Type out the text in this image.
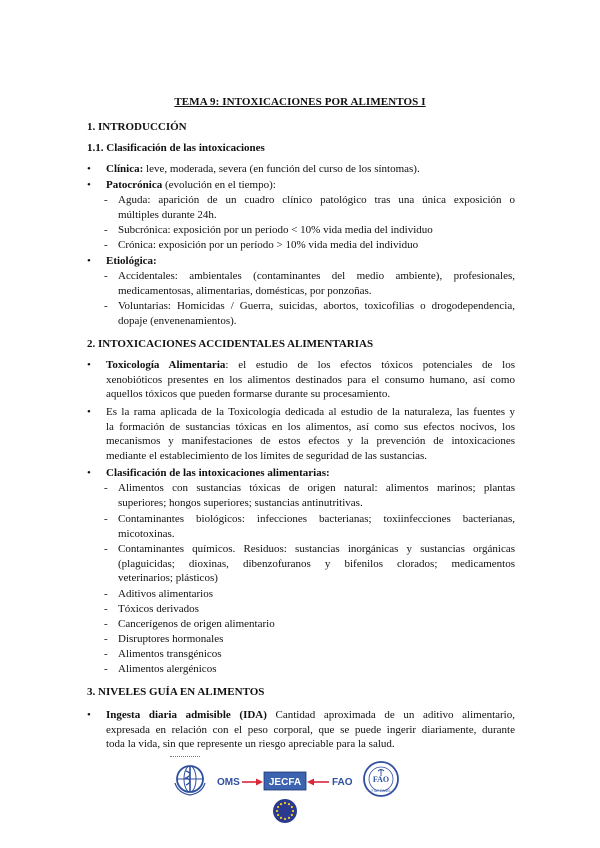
TEMA 9: INTOXICACIONES POR ALIMENTOS I
1. INTRODUCCIÓN
1.1. Clasificación de las intoxicaciones
•	Clínica: leve, moderada, severa (en función del curso de los síntomas).
•	Patocrónica (evolución en el tiempo):
- Aguda: aparición de un cuadro clínico patológico tras una única exposición o
múltiples durante 24h.
- Subcrónica: exposición por un período < 10% vida media del individuo
- Crónica: exposición por un período > 10% vida media del individuo
•	Etiológica:
- Accidentales: ambientales (contaminantes del medio ambiente), profesionales,
medicamentosas, alimentarias, domésticas, por ponzoñas.
- Voluntarias: Homicidas / Guerra, suicidas, abortos, toxicofilias o drogodependencia,
dopaje (envenenamientos).
2. INTOXICACIONES ACCIDENTALES ALIMENTARIAS
•	Toxicología Alimentaria: el estudio de los efectos tóxicos potenciales de los
xenobióticos presentes en los alimentos destinados para el consumo humano, así como
aquellos tóxicos que pueden formarse durante su procesamiento.
•	Es la rama aplicada de la Toxicología dedicada al estudio de la naturaleza, las fuentes y
la formación de sustancias tóxicas en los alimentos, así como sus efectos nocivos, los
mecanismos y manifestaciones de estos efectos y la prevención de intoxicaciones
mediante el establecimiento de los límites de seguridad de las sustancias.
•	Clasificación de las intoxicaciones alimentarias:
- Alimentos con sustancias tóxicas de origen natural: alimentos marinos; plantas
superiores; hongos superiores; sustancias antinutritivas.
- Contaminantes biológicos: infecciones bacterianas; toxiinfecciones bacterianas,
micotoxinas.
- Contaminantes químicos. Residuos: sustancias inorgánicas y sustancias orgánicas
(plaguicidas; dioxinas, dibenzofuranos y bifenilos clorados; medicamentos
veterinarios; plásticos)
- Aditivos alimentarios
- Tóxicos derivados
- Cancerígenos de origen alimentario
- Disruptores hormonales
- Alimentos transgénicos
- Alimentos alergénicos
3. NIVELES GUÍA EN ALIMENTOS
•	Ingesta diaria admisible (IDA) Cantidad aproximada de un aditivo alimentario,
expresada en relación con el peso corporal, que se puede ingerir diariamente, durante
toda la vida, sin que represente un riesgo apreciable para la salud.
OMS	JECFA	FAO	FAO
FIAT PANIS
